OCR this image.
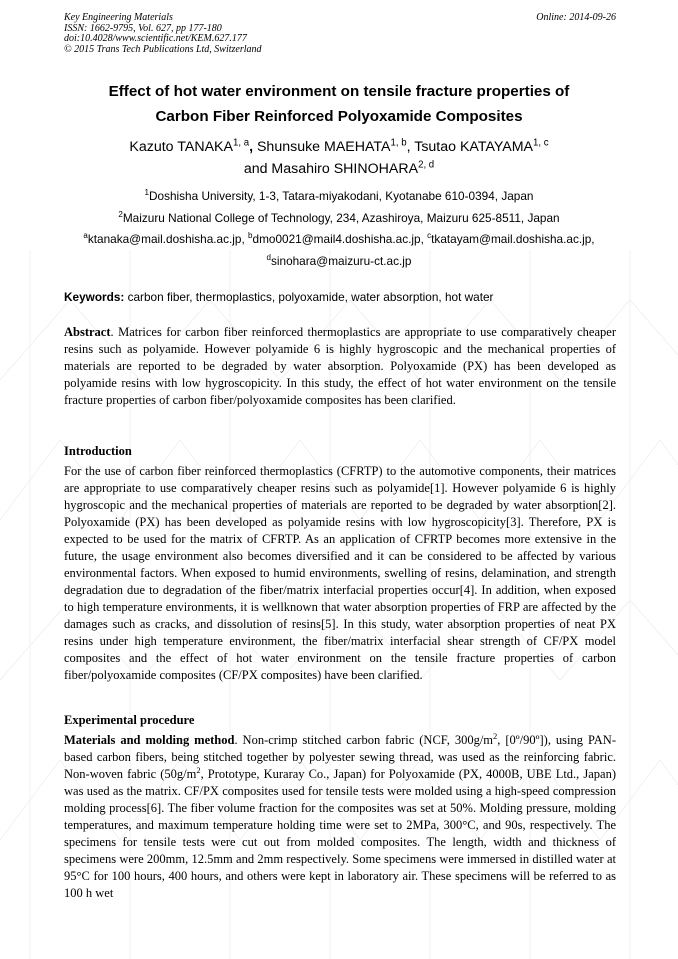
Key Engineering Materials
ISSN: 1662-9795, Vol. 627, pp 177-180
doi:10.4028/www.scientific.net/KEM.627.177
© 2015 Trans Tech Publications Ltd, Switzerland
Online: 2014-09-26
Effect of hot water environment on tensile fracture properties of
Carbon Fiber Reinforced Polyoxamide Composites
Kazuto TANAKA$^{1, a}$, Shunsuke MAEHATA$^{1, b}$, Tsutao KATAYAMA$^{1, c}$
and Masahiro SHINOHARA$^{2, d}$
$^1$Doshisha University, 1-3, Tatara-miyakodani, Kyotanabe 610-0394, Japan
$^2$Maizuru National College of Technology, 234, Azashiroya, Maizuru 625-8511, Japan
$^a$ktanaka@mail.doshisha.ac.jp, $^b$dmo0021@mail4.doshisha.ac.jp, $^c$tkatayam@mail.doshisha.ac.jp,
$^d$sinohara@maizuru-ct.ac.jp
Keywords: carbon fiber, thermoplastics, polyoxamide, water absorption, hot water
Abstract. Matrices for carbon fiber reinforced thermoplastics are appropriate to use comparatively cheaper resins such as polyamide. However polyamide 6 is highly hygroscopic and the mechanical properties of materials are reported to be degraded by water absorption. Polyoxamide (PX) has been developed as polyamide resins with low hygroscopicity. In this study, the effect of hot water environment on the tensile fracture properties of carbon fiber/polyoxamide composites has been clarified.
Introduction
For the use of carbon fiber reinforced thermoplastics (CFRTP) to the automotive components, their matrices are appropriate to use comparatively cheaper resins such as polyamide[1]. However polyamide 6 is highly hygroscopic and the mechanical properties of materials are reported to be degraded by water absorption[2]. Polyoxamide (PX) has been developed as polyamide resins with low hygroscopicity[3]. Therefore, PX is expected to be used for the matrix of CFRTP. As an application of CFRTP becomes more extensive in the future, the usage environment also becomes diversified and it can be considered to be affected by various environmental factors. When exposed to humid environments, swelling of resins, delamination, and strength degradation due to degradation of the fiber/matrix interfacial properties occur[4]. In addition, when exposed to high temperature environments, it is wellknown that water absorption properties of FRP are affected by the damages such as cracks, and dissolution of resins[5]. In this study, water absorption properties of neat PX resins under high temperature environment, the fiber/matrix interfacial shear strength of CF/PX model composites and the effect of hot water environment on the tensile fracture properties of carbon fiber/polyoxamide composites (CF/PX composites) have been clarified.
Experimental procedure
Materials and molding method. Non-crimp stitched carbon fabric (NCF, $300g/m^2$, [0º/90º]), using PAN-based carbon fibers, being stitched together by polyester sewing thread, was used as the reinforcing fabric. Non-woven fabric ($50g/m^2$, Prototype, Kuraray Co., Japan) for Polyoxamide (PX, 4000B, UBE Ltd., Japan) was used as the matrix. CF/PX composites used for tensile tests were molded using a high-speed compression molding process[6]. The fiber volume fraction for the composites was set at 50%. Molding pressure, molding temperatures, and maximum temperature holding time were set to 2MPa, 300°C, and 90s, respectively. The specimens for tensile tests were cut out from molded composites. The length, width and thickness of specimens were 200mm, 12.5mm and 2mm respectively. Some specimens were immersed in distilled water at 95°C for 100 hours, 400 hours, and others were kept in laboratory air. These specimens will be referred to as 100 h wet
